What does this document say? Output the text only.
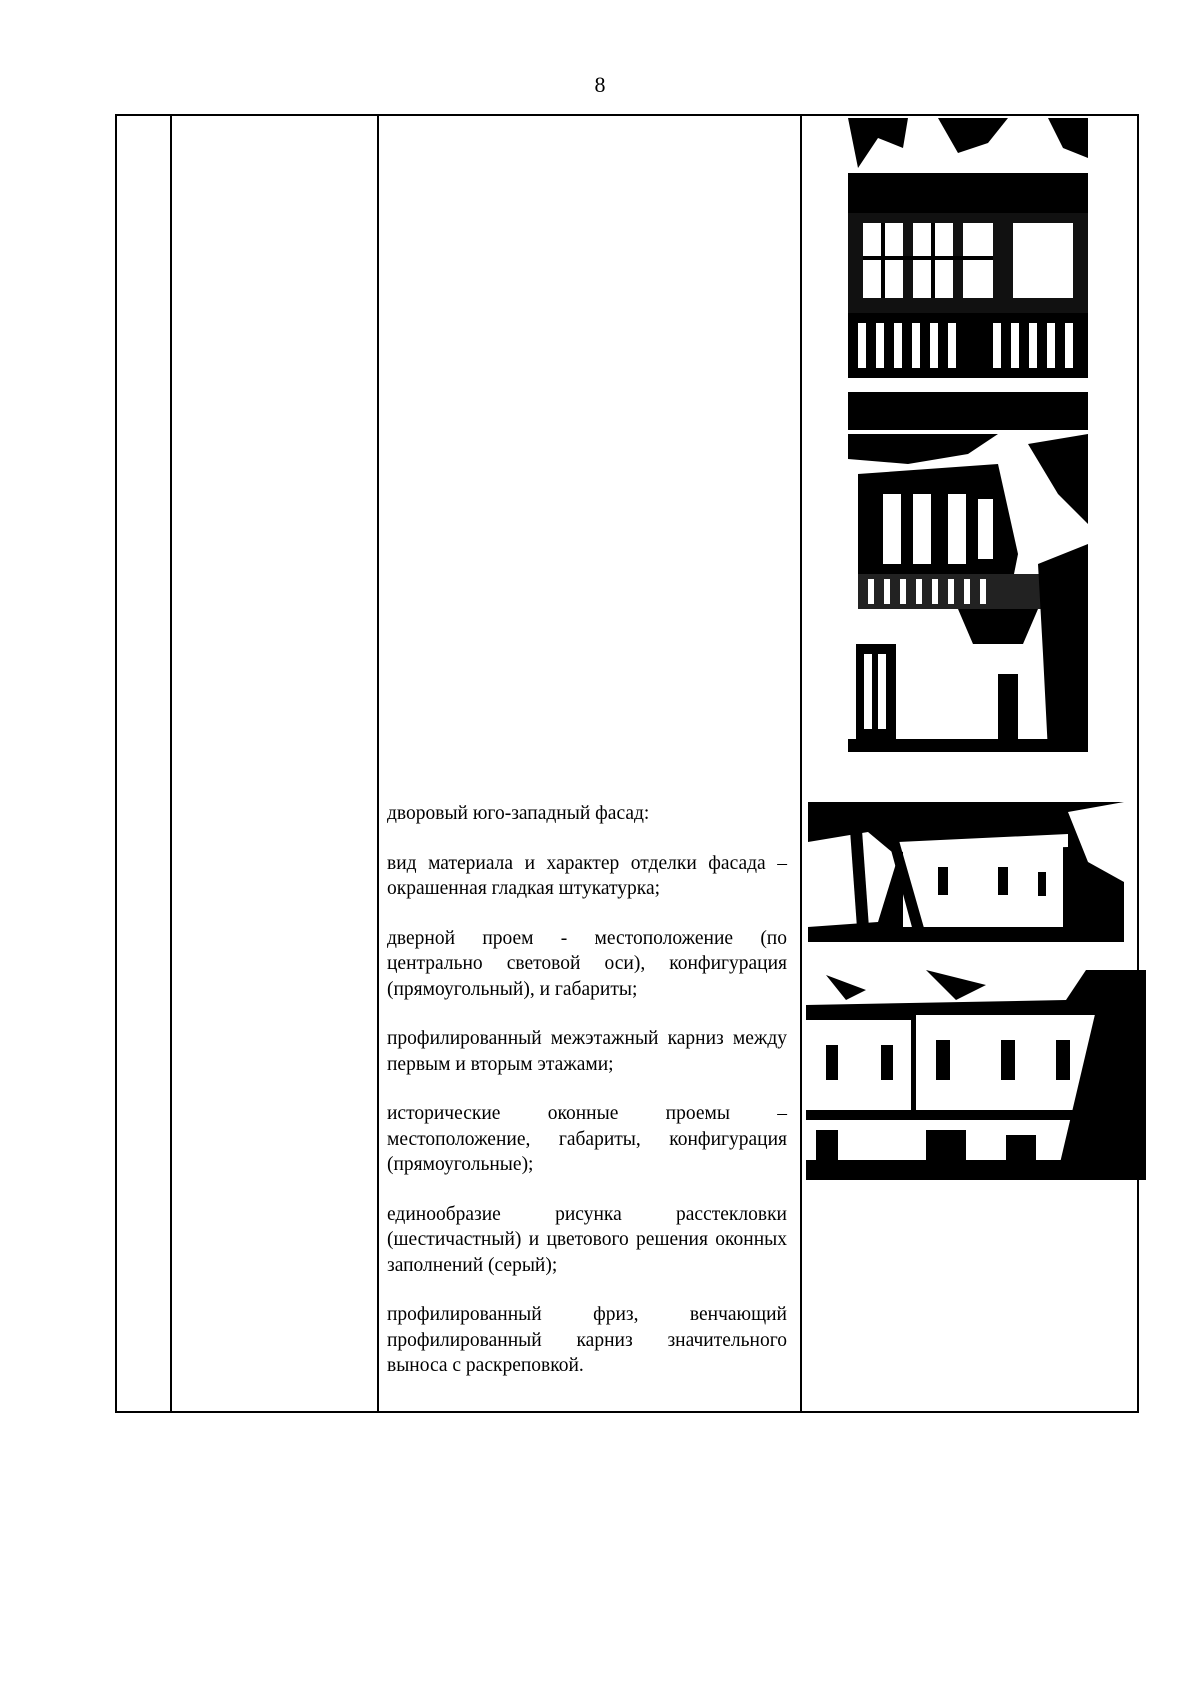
8

дворовый юго-западный фасад:

вид материала и характер отделки фасада – окрашенная гладкая штукатурка;

дверной проем - местоположение (по центрально световой оси), конфигурация (прямоугольный), и габариты;

профилированный межэтажный карниз между первым и вторым этажами;

исторические оконные проемы – местоположение, габариты, конфигурация (прямоугольные);

единообразие рисунка расстекловки (шестичастный) и цветового решения оконных заполнений (серый);

профилированный фриз, венчающий профилированный карниз значительного выноса с раскреповкой.
